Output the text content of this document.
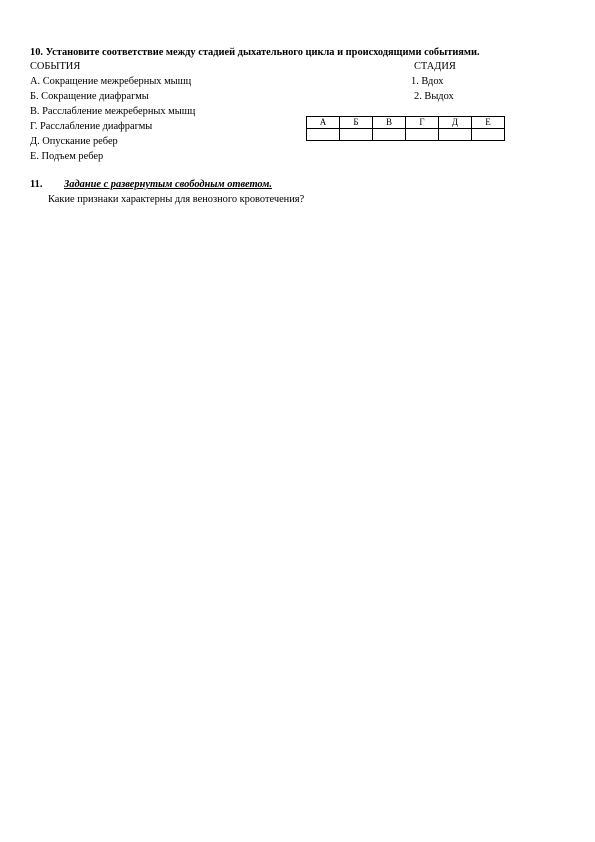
10. Установите соответствие между стадией дыхательного цикла и происходящими событиями.
СОБЫТИЯ	СТАДИЯ
А. Сокращение межреберных мышц
Б. Сокращение диафрагмы
В. Расслабление межреберных мышц
Г. Расслабление диафрагмы
Д. Опускание ребер
Е. Подъем ребер
1. Вдох
2. Выдох
А	Б	В	Г	Д	Е

11. Задание с развернутым свободным ответом.
Какие признаки характерны для венозного кровотечения?
